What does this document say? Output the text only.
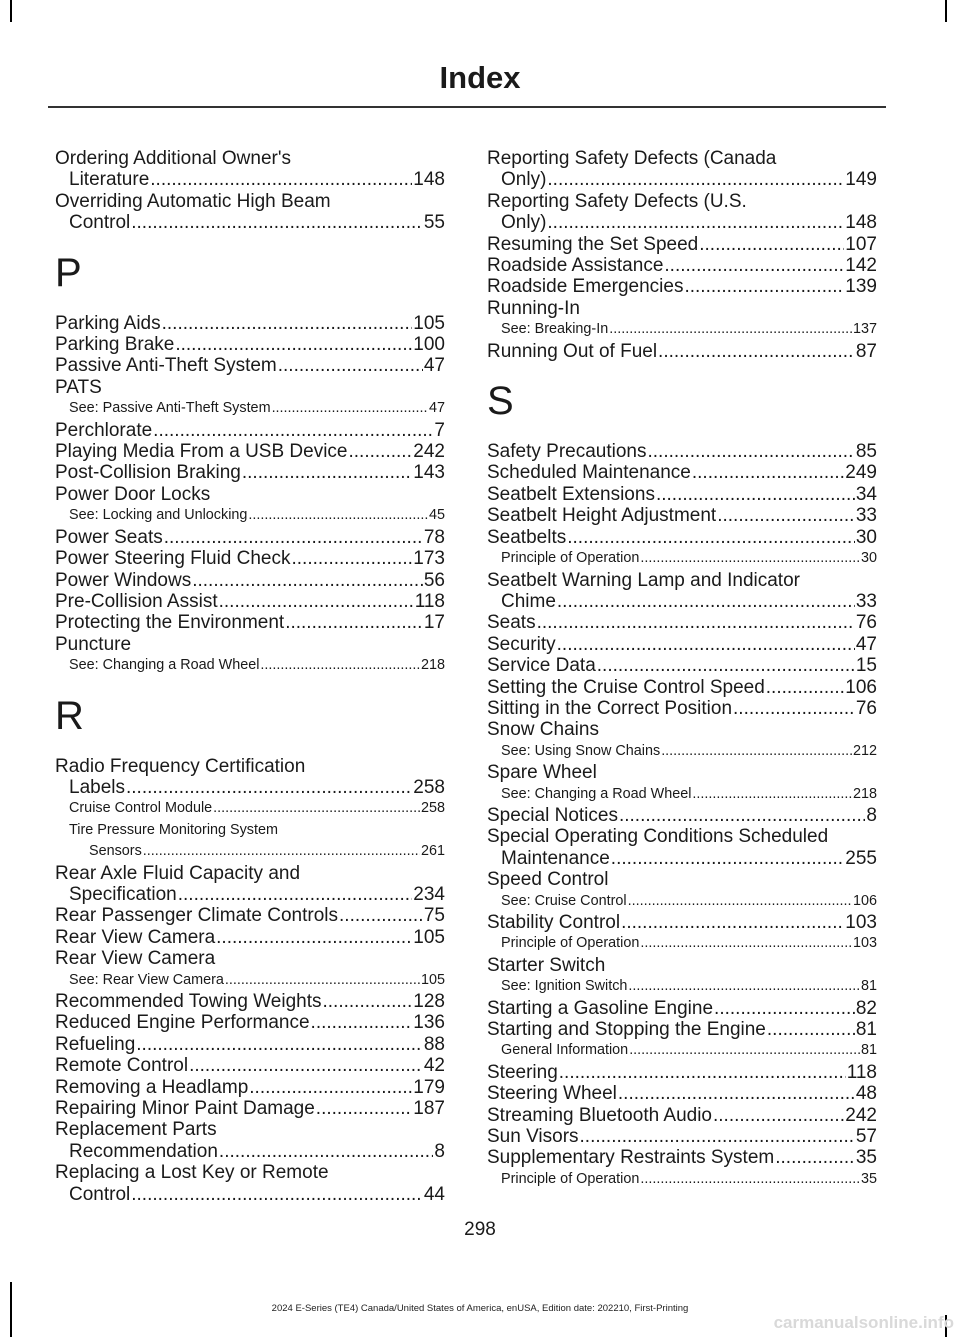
Index
Ordering Additional Owner's
Literature .....	148
Overriding Automatic High Beam
Control .....	55
P
Parking Aids .....	105
Parking Brake .....	100
Passive Anti-Theft System .....	47
PATS
See: Passive Anti-Theft System .....	47
Perchlorate .....	7
Playing Media From a USB Device .....	242
Post-Collision Braking .....	143
Power Door Locks
See: Locking and Unlocking .....	45
Power Seats .....	78
Power Steering Fluid Check .....	173
Power Windows .....	56
Pre-Collision Assist .....	118
Protecting the Environment .....	17
Puncture
See: Changing a Road Wheel .....	218
R
Radio Frequency Certification
Labels .....	258
Cruise Control Module .....	258
Tire Pressure Monitoring System
Sensors .....	261
Rear Axle Fluid Capacity and
Specification .....	234
Rear Passenger Climate Controls .....	75
Rear View Camera .....	105
Rear View Camera
See: Rear View Camera .....	105
Recommended Towing Weights .....	128
Reduced Engine Performance .....	136
Refueling .....	88
Remote Control .....	42
Removing a Headlamp .....	179
Repairing Minor Paint Damage .....	187
Replacement Parts
Recommendation .....	8
Replacing a Lost Key or Remote
Control .....	44
Reporting Safety Defects (Canada
Only) .....	149
Reporting Safety Defects (U.S.
Only) .....	148
Resuming the Set Speed .....	107
Roadside Assistance .....	142
Roadside Emergencies .....	139
Running-In
See: Breaking-In .....	137
Running Out of Fuel .....	87
S
Safety Precautions .....	85
Scheduled Maintenance .....	249
Seatbelt Extensions .....	34
Seatbelt Height Adjustment .....	33
Seatbelts .....	30
Principle of Operation .....	30
Seatbelt Warning Lamp and Indicator
Chime .....	33
Seats .....	76
Security .....	47
Service Data .....	15
Setting the Cruise Control Speed .....	106
Sitting in the Correct Position .....	76
Snow Chains
See: Using Snow Chains .....	212
Spare Wheel
See: Changing a Road Wheel .....	218
Special Notices .....	8
Special Operating Conditions Scheduled
Maintenance .....	255
Speed Control
See: Cruise Control .....	106
Stability Control .....	103
Principle of Operation .....	103
Starter Switch
See: Ignition Switch .....	81
Starting a Gasoline Engine .....	82
Starting and Stopping the Engine .....	81
General Information .....	81
Steering .....	118
Steering Wheel .....	48
Streaming Bluetooth Audio .....	242
Sun Visors .....	57
Supplementary Restraints System .....	35
Principle of Operation .....	35
298
2024 E-Series (TE4) Canada/United States of America, enUSA, Edition date: 202210, First-Printing
carmanualsonline.info
